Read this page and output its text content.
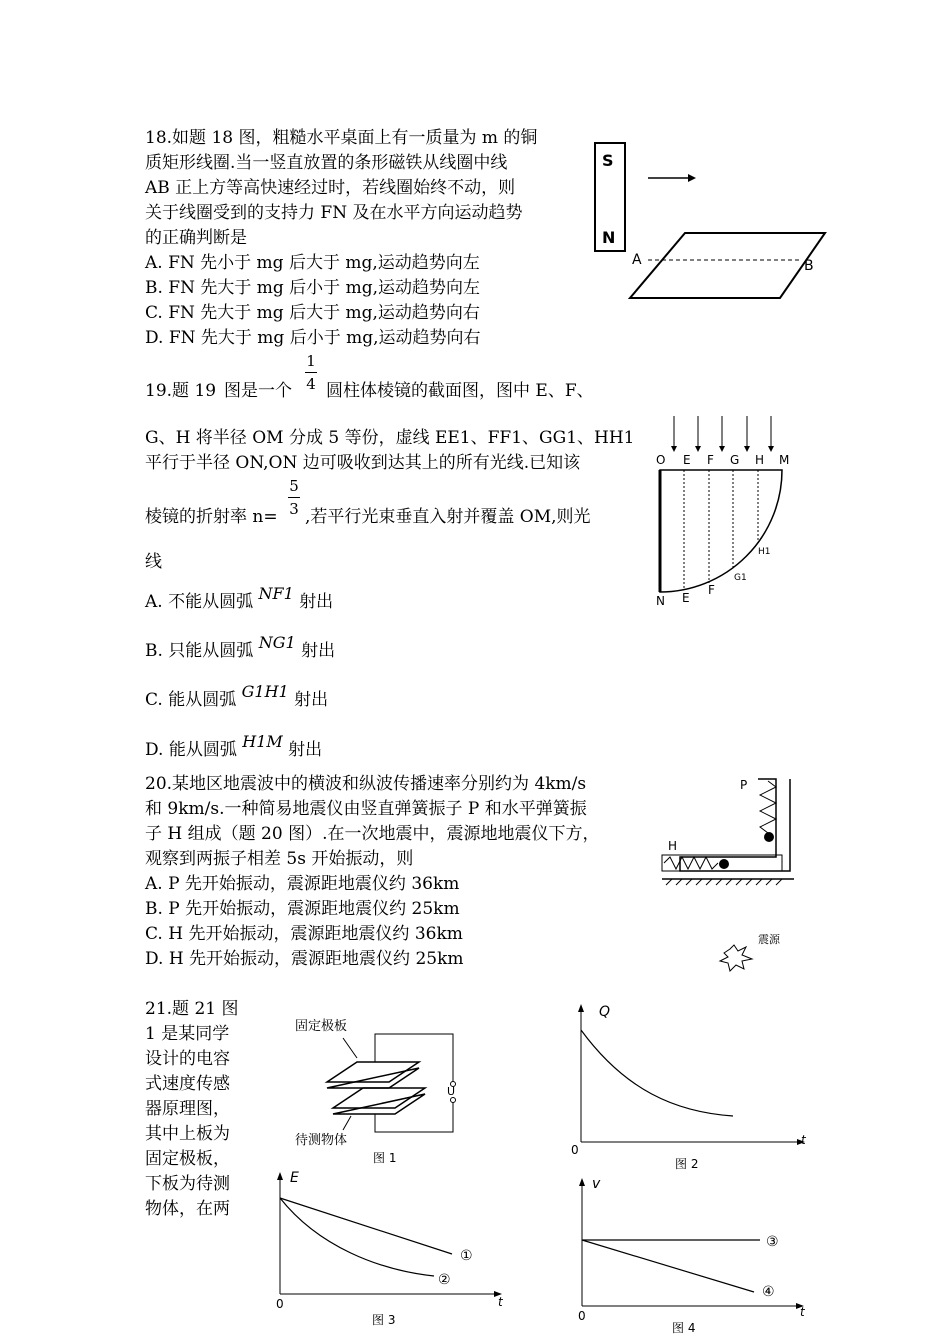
18.如题 18 图，粗糙水平桌面上有一质量为 m 的铜
质矩形线圈.当一竖直放置的条形磁铁从线圈中线
AB 正上方等高快速经过时，若线圈始终不动，则
关于线圈受到的支持力 FN 及在水平方向运动趋势
的正确判断是
A. FN 先小于 mg 后大于 mg,运动趋势向左
B. FN 先大于 mg 后小于 mg,运动趋势向左
C. FN 先大于 mg 后大于 mg,运动趋势向右
D. FN 先大于 mg 后小于 mg,运动趋势向右
S
N
A	B
19.题 19 图是一个
1
4 圆柱体棱镜的截面图，图中 E、F、
G、H 将半径 OM 分成 5 等份，虚线 EE1、FF1、GG1、HH1
平行于半径 ON,ON 边可吸收到达其上的所有光线.已知该
棱镜的折射率 n=
5
3 ,若平行光束垂直入射并覆盖 OM,则光
线
A. 不能从圆弧 NF1 射出
B. 只能从圆弧 NG1 射出
C. 能从圆弧 G1H1 射出
D. 能从圆弧 H1M 射出
O E F G H M
N E
F
G1
H1
20.某地区地震波中的横波和纵波传播速率分别约为 4km/s
和 9km/s.一种简易地震仪由竖直弹簧振子 P 和水平弹簧振
子 H 组成（题 20 图）.在一次地震中，震源地地震仪下方，
观察到两振子相差 5s 开始振动，则
A. P 先开始振动，震源距地震仪约 36km
B. P 先开始振动，震源距地震仪约 25km
C. H 先开始振动，震源距地震仪约 36km
D. H 先开始振动，震源距地震仪约 25km
P
H
震源
21.题 21 图
1 是某同学
设计的电容
式速度传感
器原理图，
其中上板为
固定极板，
下板为待测
物体，在两
固定极板
U
待测物体
图 1
Q
0
t
图 2
E
0	t
①
②
图 3
v
0	t
③
④
图 4
